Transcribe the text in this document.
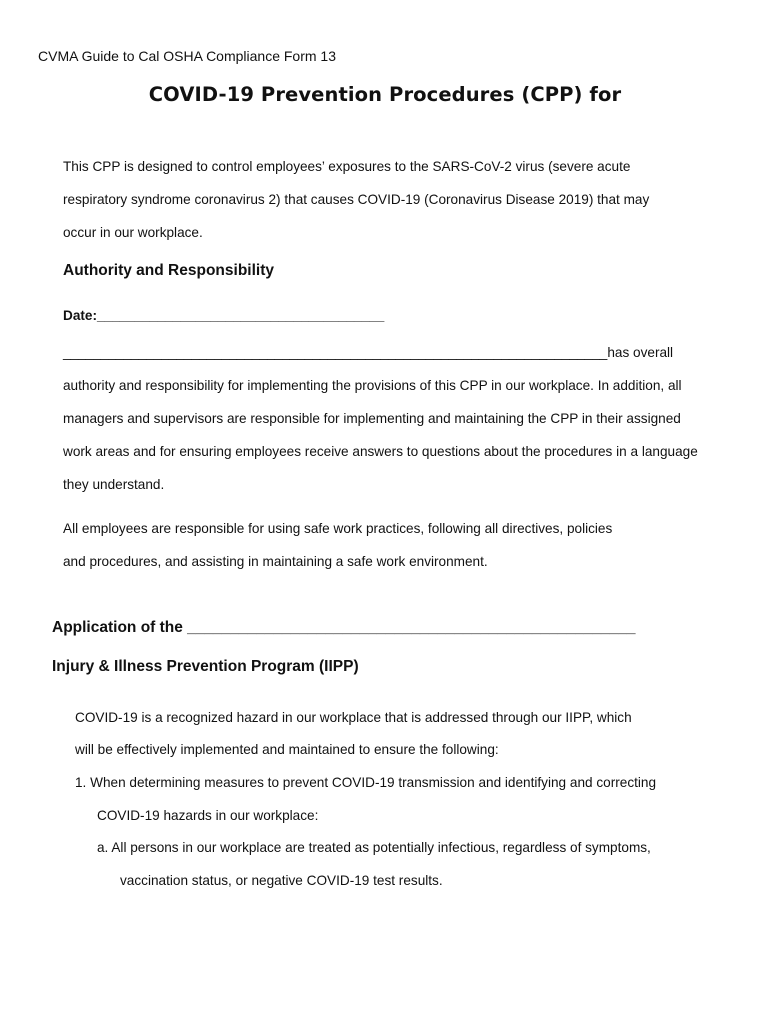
CVMA Guide to Cal OSHA Compliance Form 13
COVID-19 Prevention Procedures (CPP) for
This CPP is designed to control employees’ exposures to the SARS-CoV-2 virus (severe acute
respiratory syndrome coronavirus 2) that causes COVID-19 (Coronavirus Disease 2019) that may
occur in our workplace.
Authority and Responsibility
Date:______________________________________
________________________________________________________________________has overall
authority and responsibility for implementing the provisions of this CPP in our workplace. In addition, all
managers and supervisors are responsible for implementing and maintaining the CPP in their assigned
work areas and for ensuring employees receive answers to questions about the procedures in a language
they understand.
All employees are responsible for using safe work practices, following all directives, policies
and procedures, and assisting in maintaining a safe work environment.
Application of the ____________________________________________________
Injury & Illness Prevention Program (IIPP)
COVID-19 is a recognized hazard in our workplace that is addressed through our IIPP, which
will be effectively implemented and maintained to ensure the following:
1. When determining measures to prevent COVID-19 transmission and identifying and correcting
COVID-19 hazards in our workplace:
a. All persons in our workplace are treated as potentially infectious, regardless of symptoms,
vaccination status, or negative COVID-19 test results.
